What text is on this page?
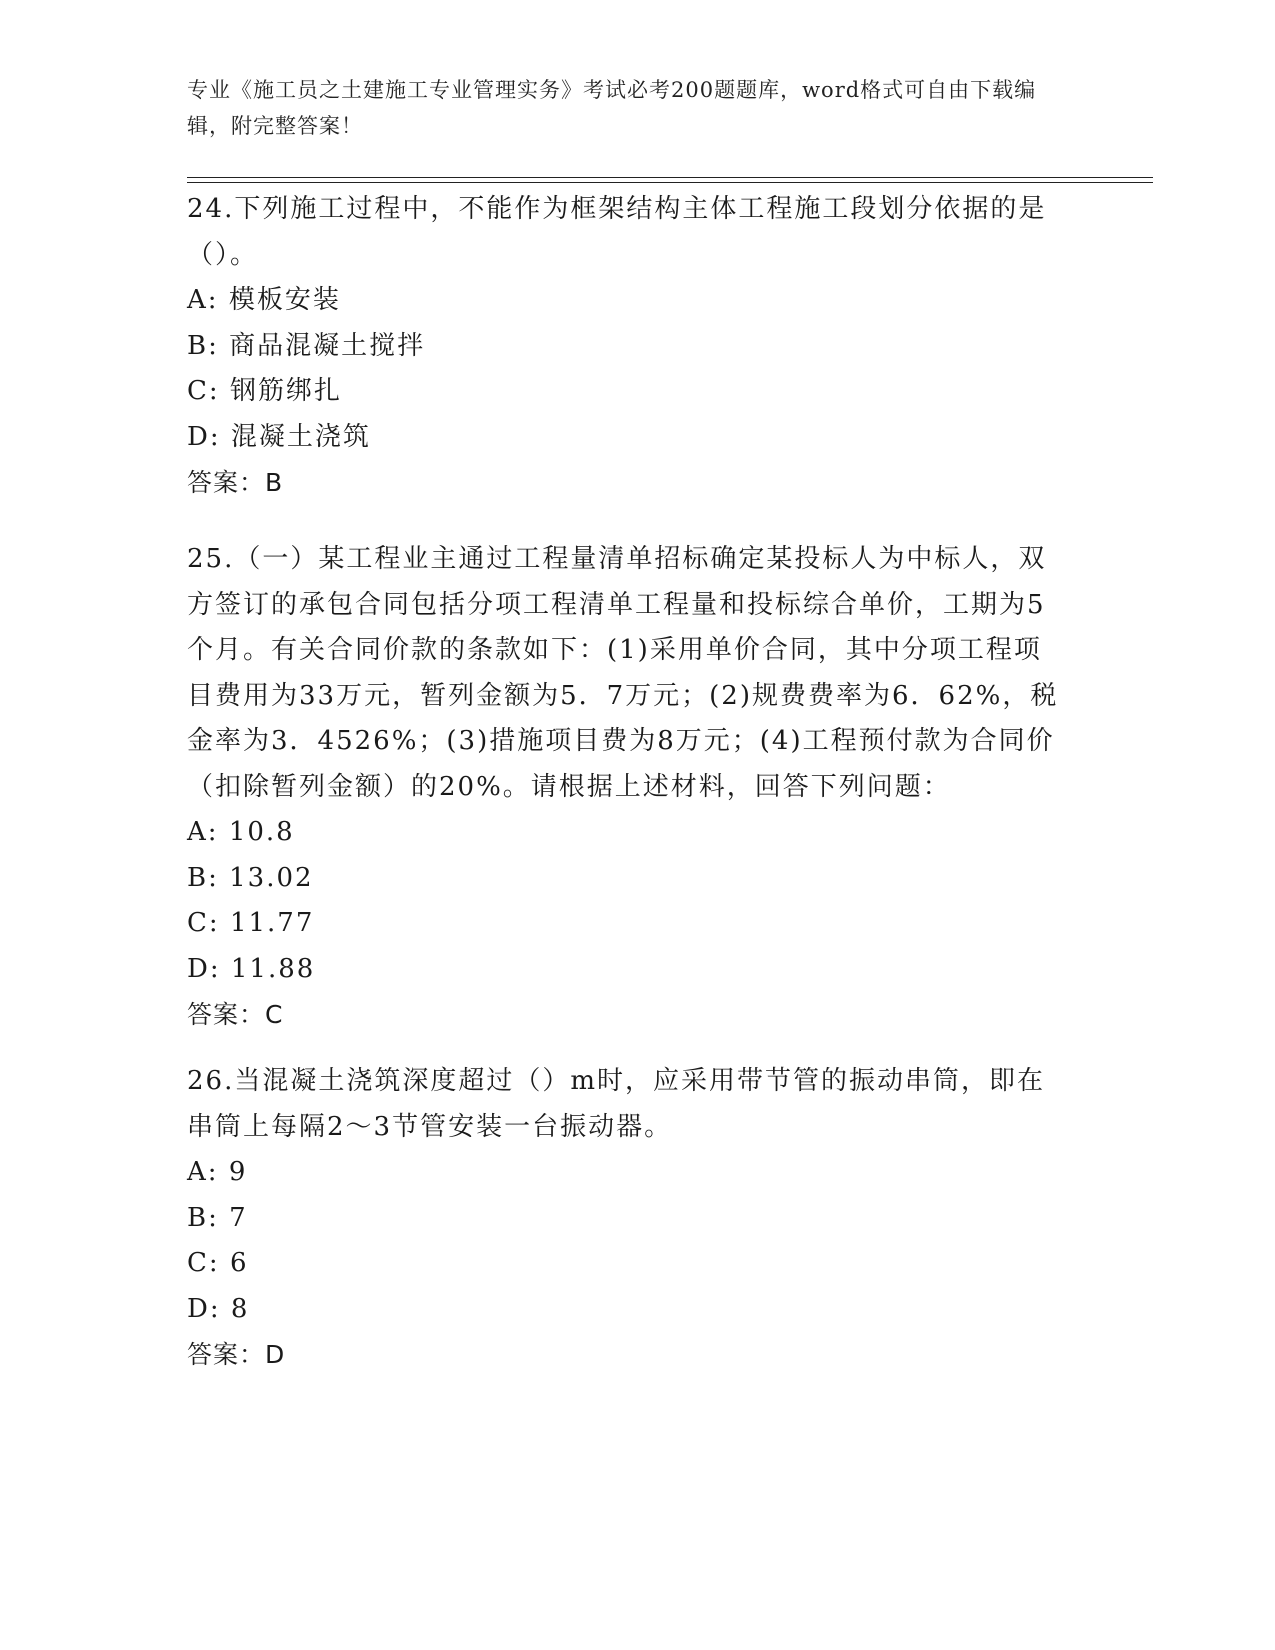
专业《施工员之土建施工专业管理实务》考试必考200题题库，word格式可自由下载编辑，附完整答案！

24.下列施工过程中，不能作为框架结构主体工程施工段划分依据的是（）。

A : 模板安装
B : 商品混凝土搅拌
C : 钢筋绑扎
D : 混凝土浇筑
答案 ： B

25.（一）某工程业主通过工程量清单招标确定某投标人为中标人，双方签订的承包合同包括分项工程清单工程量和投标综合单价，工期为5个月。有关合同价款的条款如下：(1)采用单价合同，其中分项工程项目费用为33万元，暂列金额为5．7万元；(2)规费费率为6．62%，税金率为3．4526%；(3)措施项目费为8万元；(4)工程预付款为合同价（扣除暂列金额）的20%。请根据上述材料，回答下列问题：

A : 10.8
B : 13.02
C : 11.77
D : 11.88
答案 ： C

26.当混凝土浇筑深度超过（）m时，应采用带节管的振动串筒，即在串筒上每隔2～3节管安装一台振动器。

A : 9
B : 7
C : 6
D : 8
答案 ： D
